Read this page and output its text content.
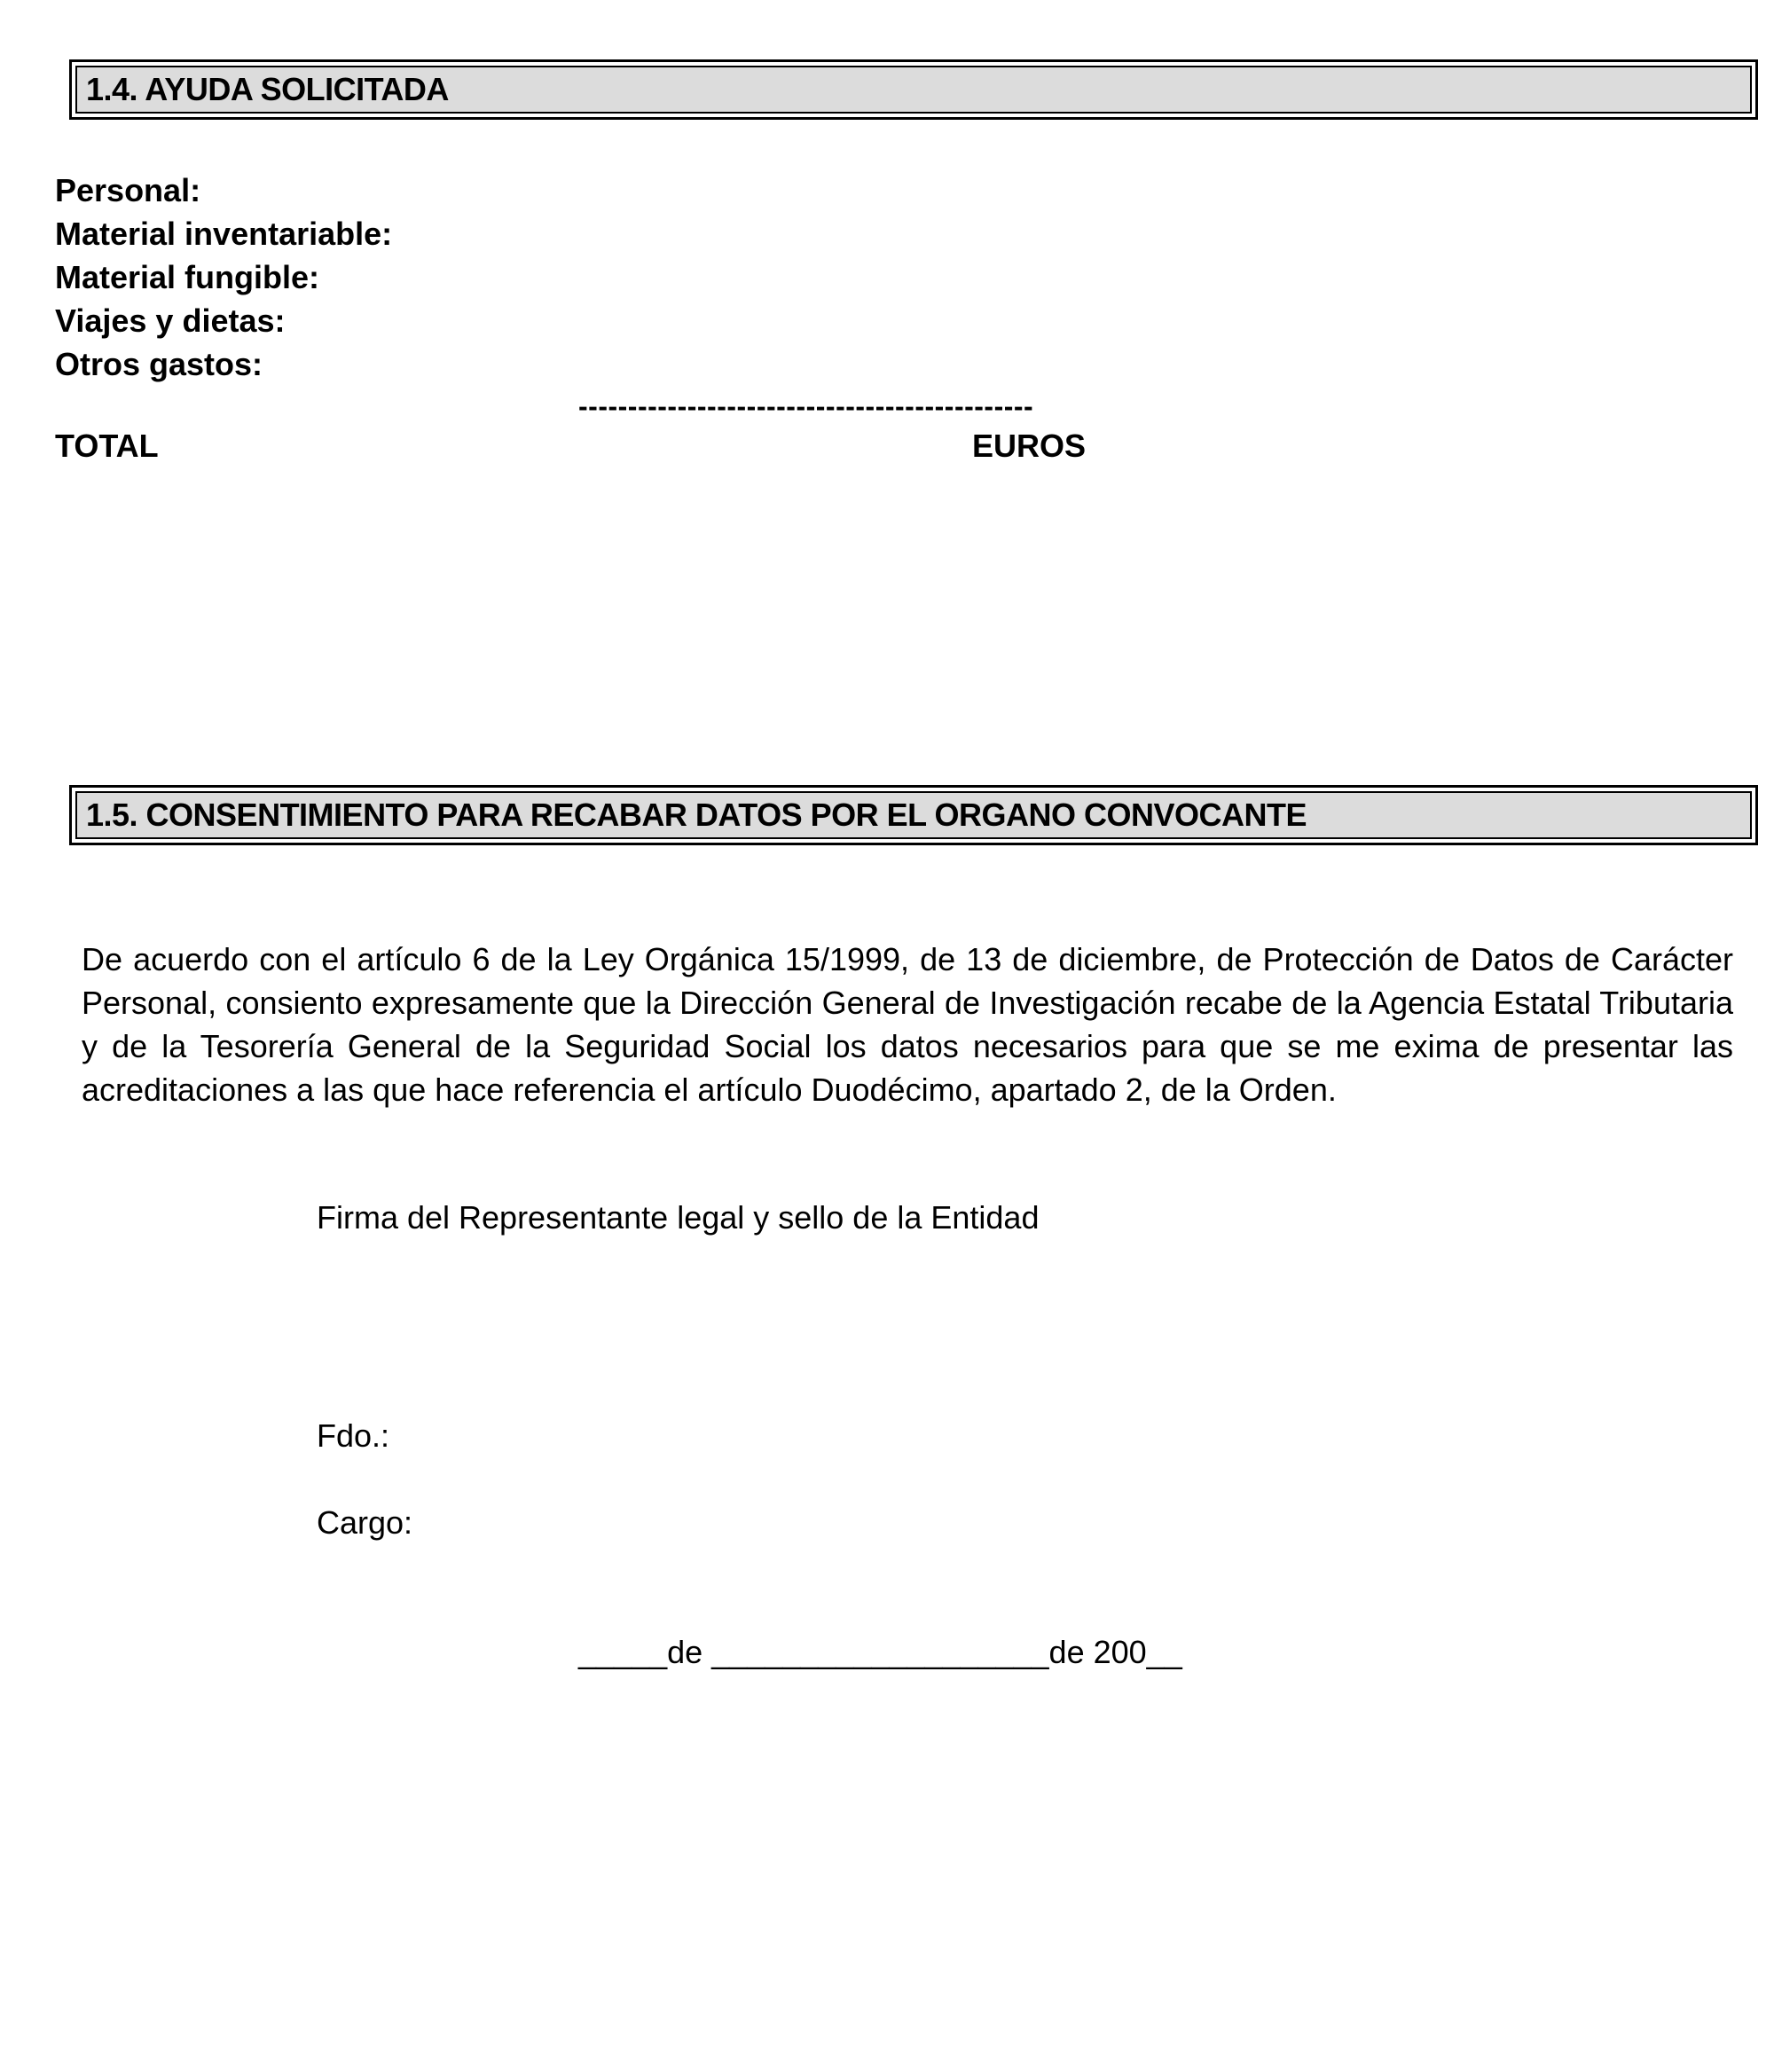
1.4. AYUDA SOLICITADA
Personal:
Material inventariable:
Material fungible:
Viajes y dietas:
Otros gastos:
----------------------------------------------
TOTAL	EUROS
1.5. CONSENTIMIENTO PARA RECABAR DATOS POR EL ORGANO CONVOCANTE

De acuerdo con el artículo 6 de la Ley Orgánica 15/1999, de 13 de diciembre, de Protección de Datos de Carácter Personal, consiento expresamente que la Dirección General de Investigación recabe de la Agencia Estatal Tributaria y de la Tesorería General de la Seguridad Social los datos necesarios para que se me exima de presentar las acreditaciones a las que hace referencia el artículo Duodécimo, apartado 2, de la Orden.

Firma del Representante legal y sello de la Entidad
Fdo.:
Cargo:
_____de ___________________de 200__
